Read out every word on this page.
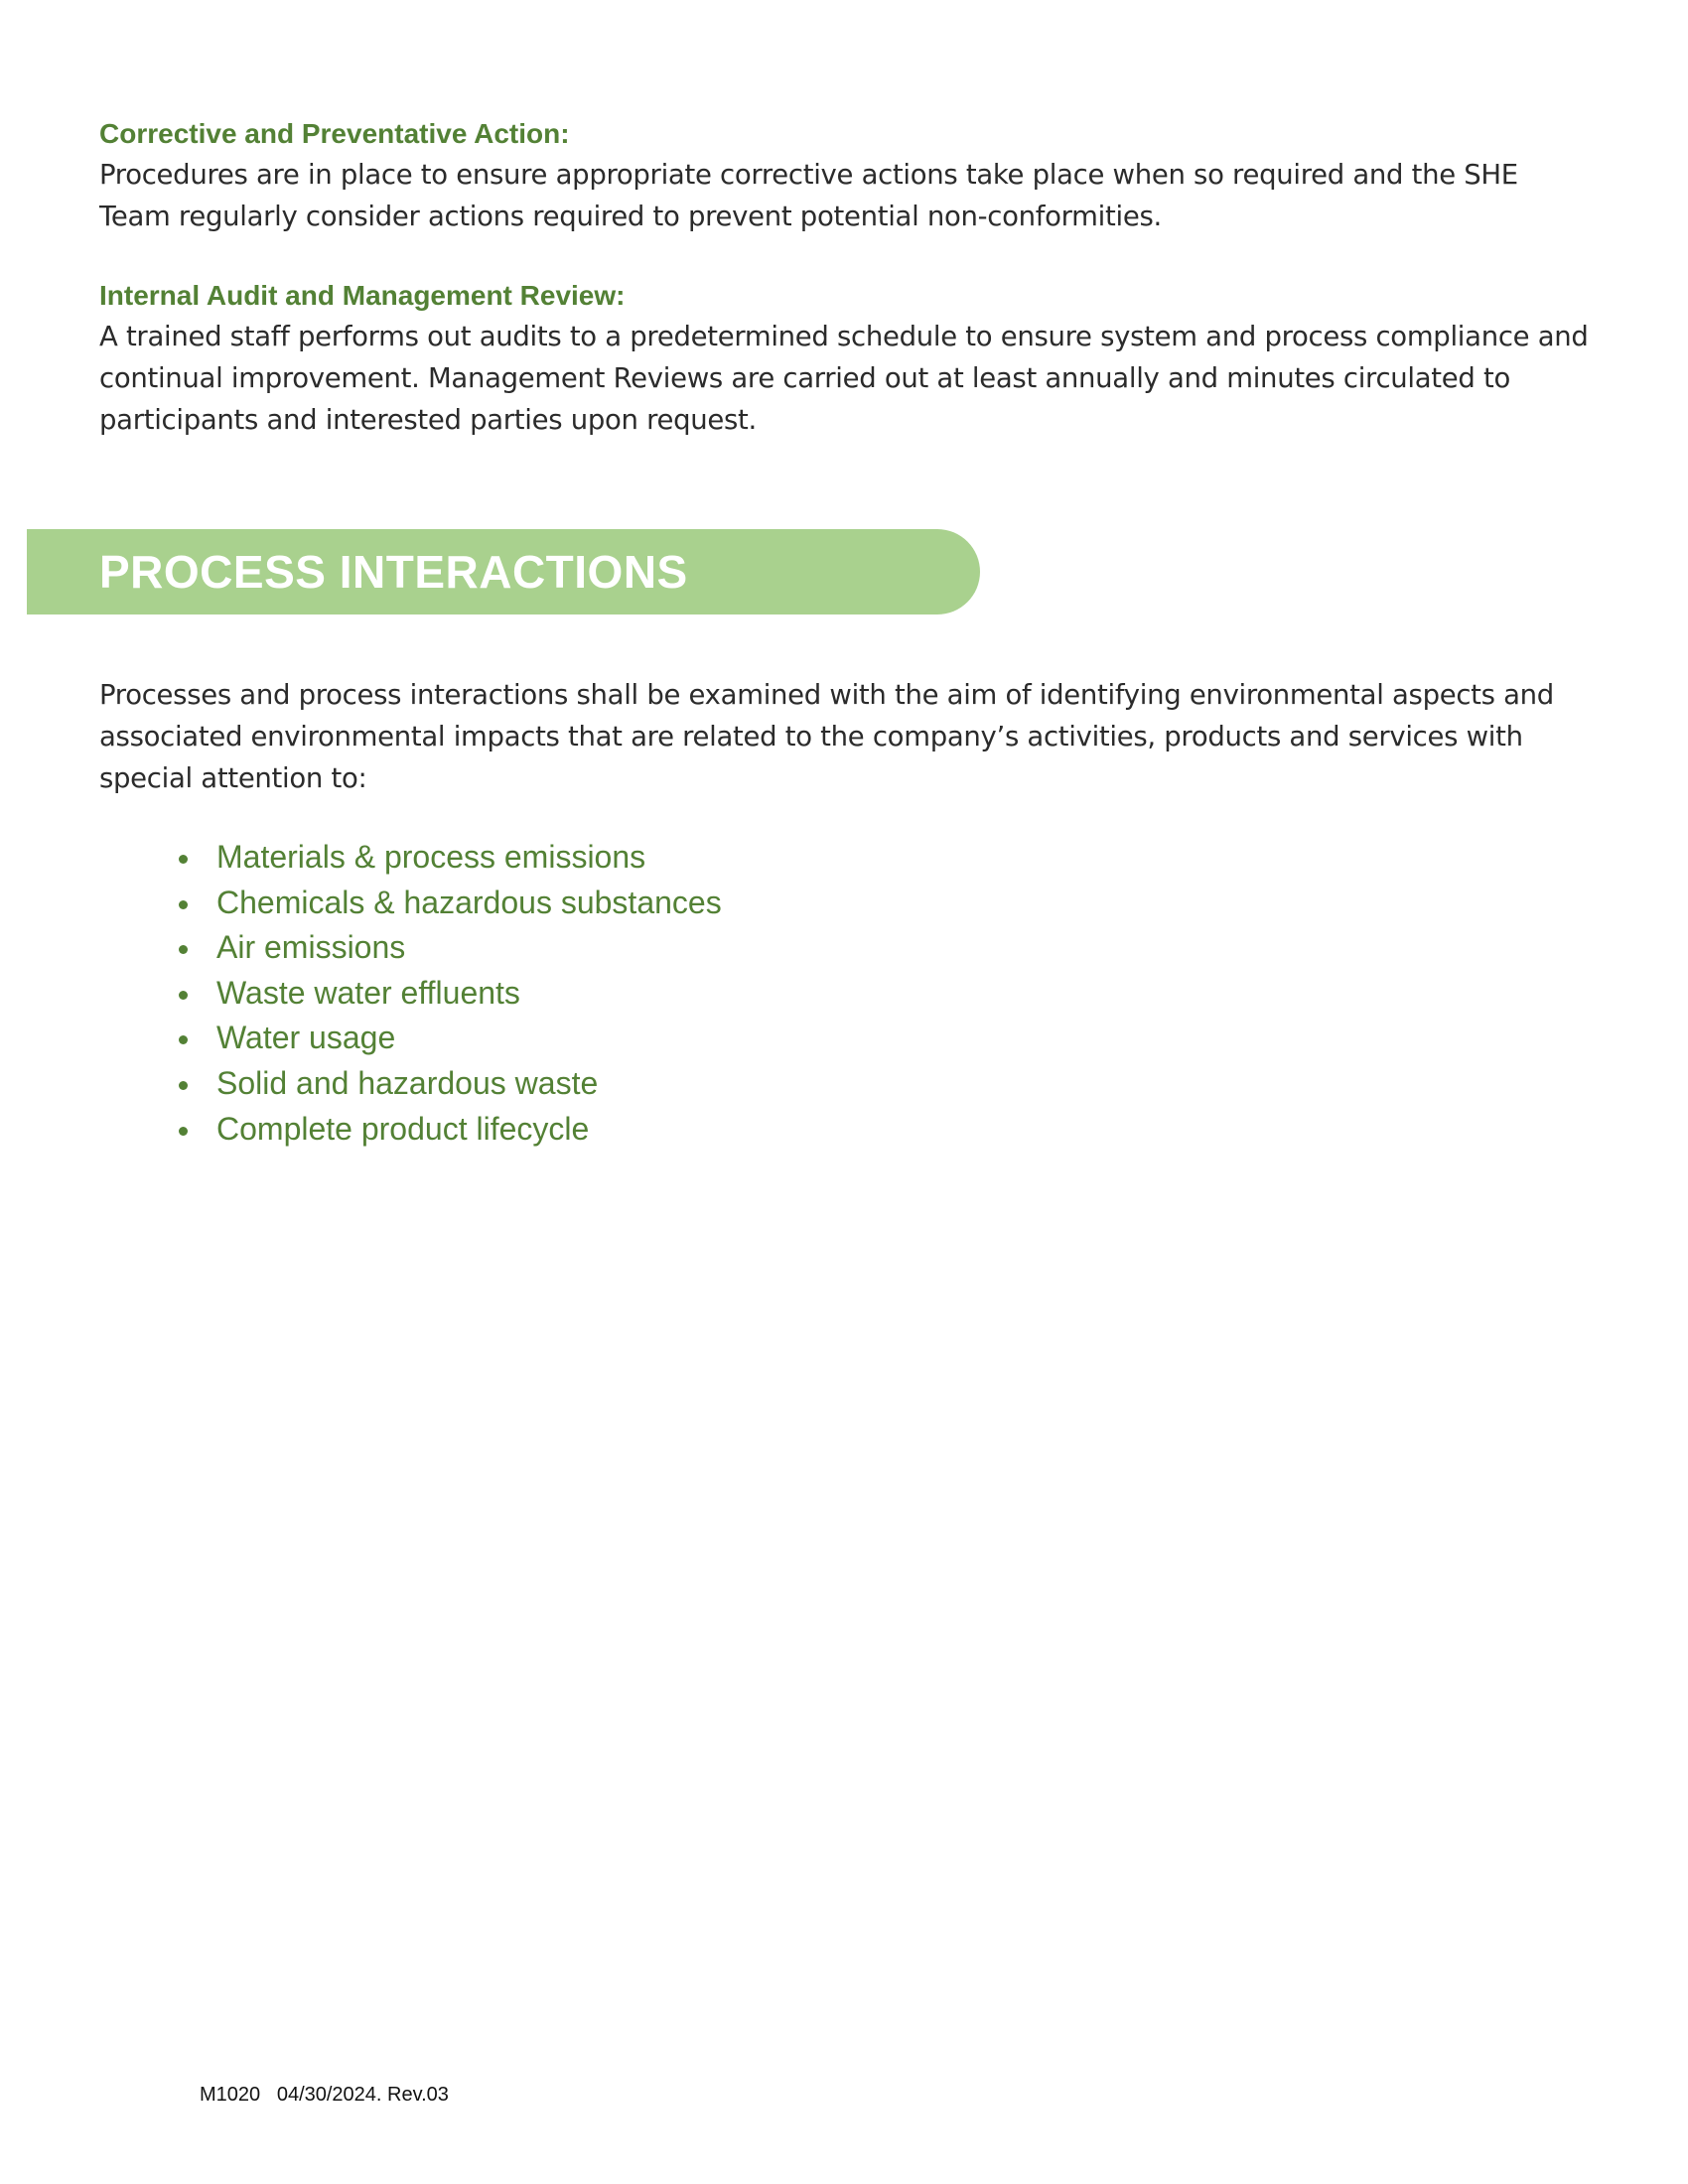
Corrective and Preventative Action:

Procedures are in place to ensure appropriate corrective actions take place when so required and the SHE Team regularly consider actions required to prevent potential non-conformities.

Internal Audit and Management Review:

A trained staff performs out audits to a predetermined schedule to ensure system and process compliance and continual improvement. Management Reviews are carried out at least annually and minutes circulated to participants and interested parties upon request.

PROCESS INTERACTIONS

Processes and process interactions shall be examined with the aim of identifying environmental aspects and associated environmental impacts that are related to the company’s activities, products and services with special attention to:

Materials & process emissions
Chemicals & hazardous substances
Air emissions
Waste water effluents
Water usage
Solid and hazardous waste
Complete product lifecycle
M1020   04/30/2024. Rev.03
